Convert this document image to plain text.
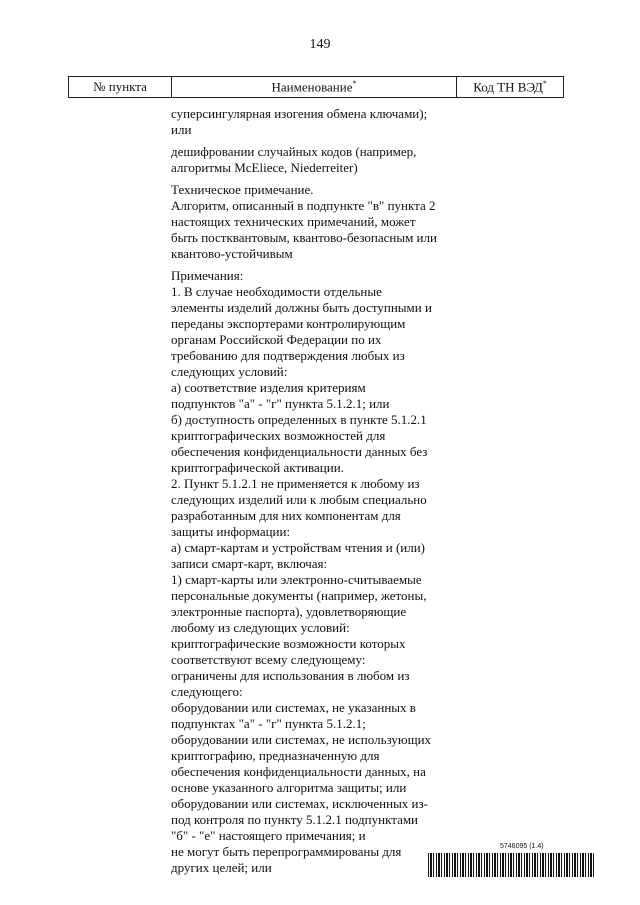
149
№ пункта	Наименование*	Код ТН ВЭД*
суперсингулярная изогения обмена ключами);
или
дешифровании случайных кодов (например,
алгоритмы McEliece, Niederreiter)
Техническое примечание.
Алгоритм, описанный в подпункте "в" пункта 2
настоящих технических примечаний, может
быть постквантовым, квантово-безопасным или
квантово-устойчивым
Примечания:
1. В случае необходимости отдельные
элементы изделий должны быть доступными и
переданы экспортерами контролирующим
органам Российской Федерации по их
требованию для подтверждения любых из
следующих условий:
а) соответствие изделия критериям
подпунктов "а" - "г" пункта 5.1.2.1; или
б) доступность определенных в пункте 5.1.2.1
криптографических возможностей для
обеспечения конфиденциальности данных без
криптографической активации.
2. Пункт 5.1.2.1 не применяется к любому из
следующих изделий или к любым специально
разработанным для них компонентам для
защиты информации:
а) смарт-картам и устройствам чтения и (или)
записи смарт-карт, включая:
1) смарт-карты или электронно-считываемые
персональные документы (например, жетоны,
электронные паспорта), удовлетворяющие
любому из следующих условий:
криптографические возможности которых
соответствуют всему следующему:
ограничены для использования в любом из
следующего:
оборудовании или системах, не указанных в
подпунктах "а" - "г" пункта 5.1.2.1;
оборудовании или системах, не использующих
криптографию, предназначенную для
обеспечения конфиденциальности данных, на
основе указанного алгоритма защиты; или
оборудовании или системах, исключенных из-
под контроля по пункту 5.1.2.1 подпунктами
"б" - "е" настоящего примечания; и
не могут быть перепрограммированы для
других целей; или
5746095 (1.4)
